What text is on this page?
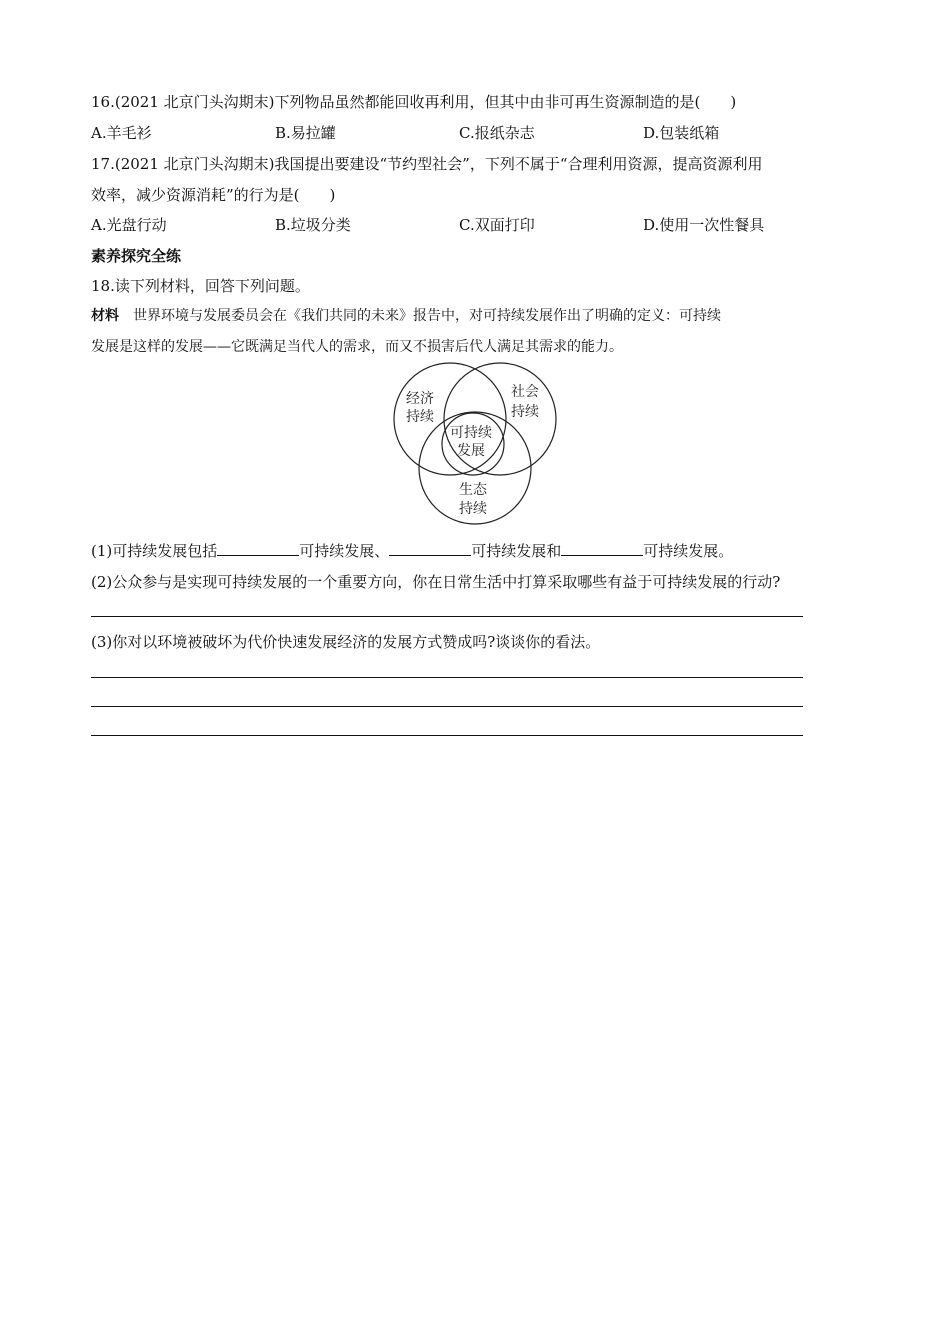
16.(2021 北京门头沟期末)下列物品虽然都能回收再利用，但其中由非可再生资源制造的是(　　)
A.羊毛衫	B.易拉罐	C.报纸杂志	D.包装纸箱
17.(2021 北京门头沟期末)我国提出要建设“节约型社会”，下列不属于“合理利用资源，提高资源利用
效率，减少资源消耗”的行为是(　　)
A.光盘行动	B.垃圾分类	C.双面打印	D.使用一次性餐具
素养探究全练
18.读下列材料，回答下列问题。
材料 世界环境与发展委员会在《我们共同的未来》报告中，对可持续发展作出了明确的定义：可持续
发展是这样的发展——它既满足当代人的需求，而又不损害后代人满足其需求的能力。
经济
持续
社会
持续
可持续
发展
生态
持续
(1)可持续发展包括	可持续发展、	可持续发展和	可持续发展。
(2)公众参与是实现可持续发展的一个重要方向，你在日常生活中打算采取哪些有益于可持续发展的行动?
(3)你对以环境被破坏为代价快速发展经济的发展方式赞成吗?谈谈你的看法。
